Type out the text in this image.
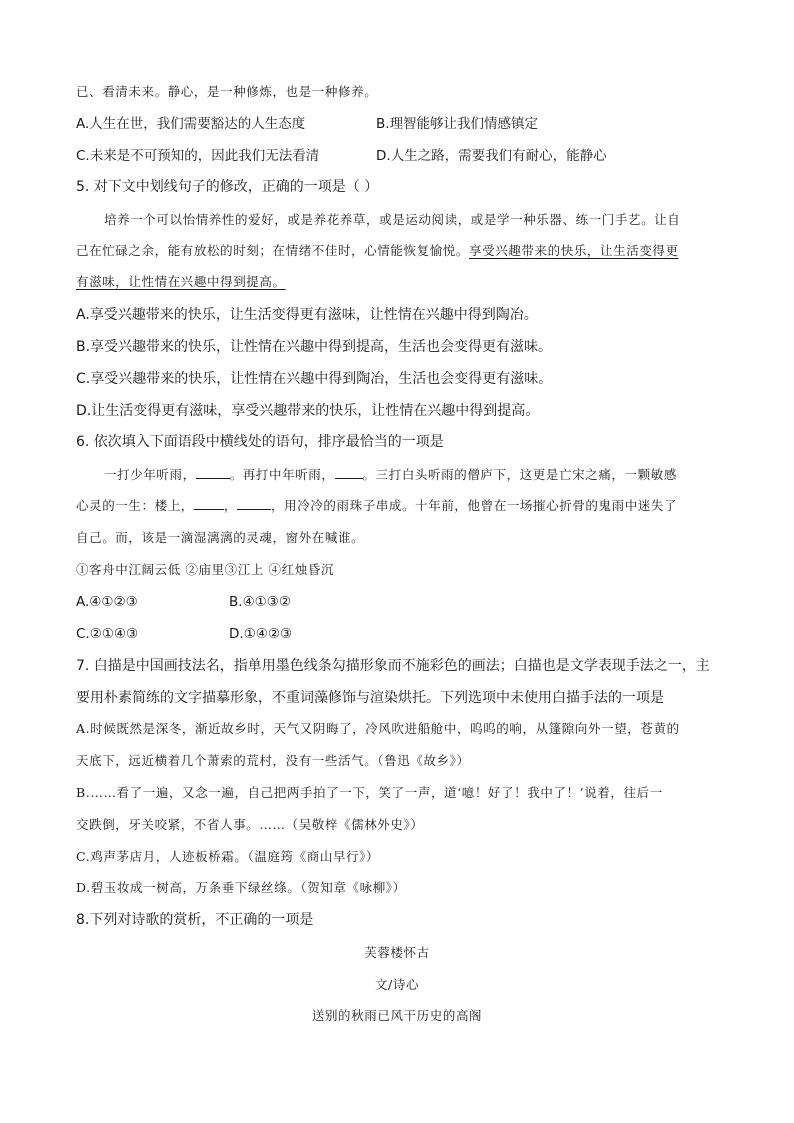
已、看清未来。静心，是一种修炼，也是一种修养。
A.人生在世，我们需要豁达的人生态度	B.理智能够让我们情感镇定
C.未来是不可预知的，因此我们无法看清	D.人生之路，需要我们有耐心，能静心
5. 对下文中划线句子的修改，正确的一项是（ ）
培养一个可以怡情养性的爱好，或是养花养草，或是运动阅读，或是学一种乐器、练一门手艺。让自
己在忙碌之余，能有放松的时刻；在情绪不佳时，心情能恢复愉悦。享受兴趣带来的快乐，让生活变得更
有滋味，让性情在兴趣中得到提高。
A.享受兴趣带来的快乐，让生活变得更有滋味，让性情在兴趣中得到陶冶。
B.享受兴趣带来的快乐，让性情在兴趣中得到提高，生活也会变得更有滋味。
C.享受兴趣带来的快乐，让性情在兴趣中得到陶冶，生活也会变得更有滋味。
D.让生活变得更有滋味，享受兴趣带来的快乐，让性情在兴趣中得到提高。
6. 依次填入下面语段中横线处的语句，排序最恰当的一项是
一打少年听雨，	。再打中年听雨， 。三打白头听雨的僧庐下，这更是亡宋之痛，一颗敏感
心灵的一生：楼上， ，	，用冷冷的雨珠子串成。十年前，他曾在一场摧心折骨的鬼雨中迷失了
自己。而，该是一滴湿漓漓的灵魂，窗外在喊谁。
①客舟中江阔云低 ②庙里③江上 ④红烛昏沉
A.④①②③	B.④①③②
C.②①④③	D.①④②③
7. 白描是中国画技法名，指单用墨色线条勾描形象而不施彩色的画法；白描也是文学表现手法之一，主
要用朴素简练的文字描摹形象，不重词藻修饰与渲染烘托。下列选项中未使用白描手法的一项是
A.时候既然是深冬，渐近故乡时，天气又阴晦了，冷风吹进船舱中，呜呜的响，从篷隙向外一望，苍黄的
天底下，远近横着几个萧索的荒村，没有一些活气。（鲁迅《故乡》）
B.……看了一遍，又念一遍，自己把两手拍了一下，笑了一声，道‘噫！好了！我中了！’说着，往后一
交跌倒，牙关咬紧，不省人事。……（吴敬梓《儒林外史》）
C.鸡声茅店月，人迹板桥霜。（温庭筠《商山早行》）
D.碧玉妆成一树高，万条垂下绿丝绦。（贺知章《咏柳》）
8.下列对诗歌的赏析，不正确的一项是
芙蓉楼怀古
文/诗心
送别的秋雨已风干历史的高阁
